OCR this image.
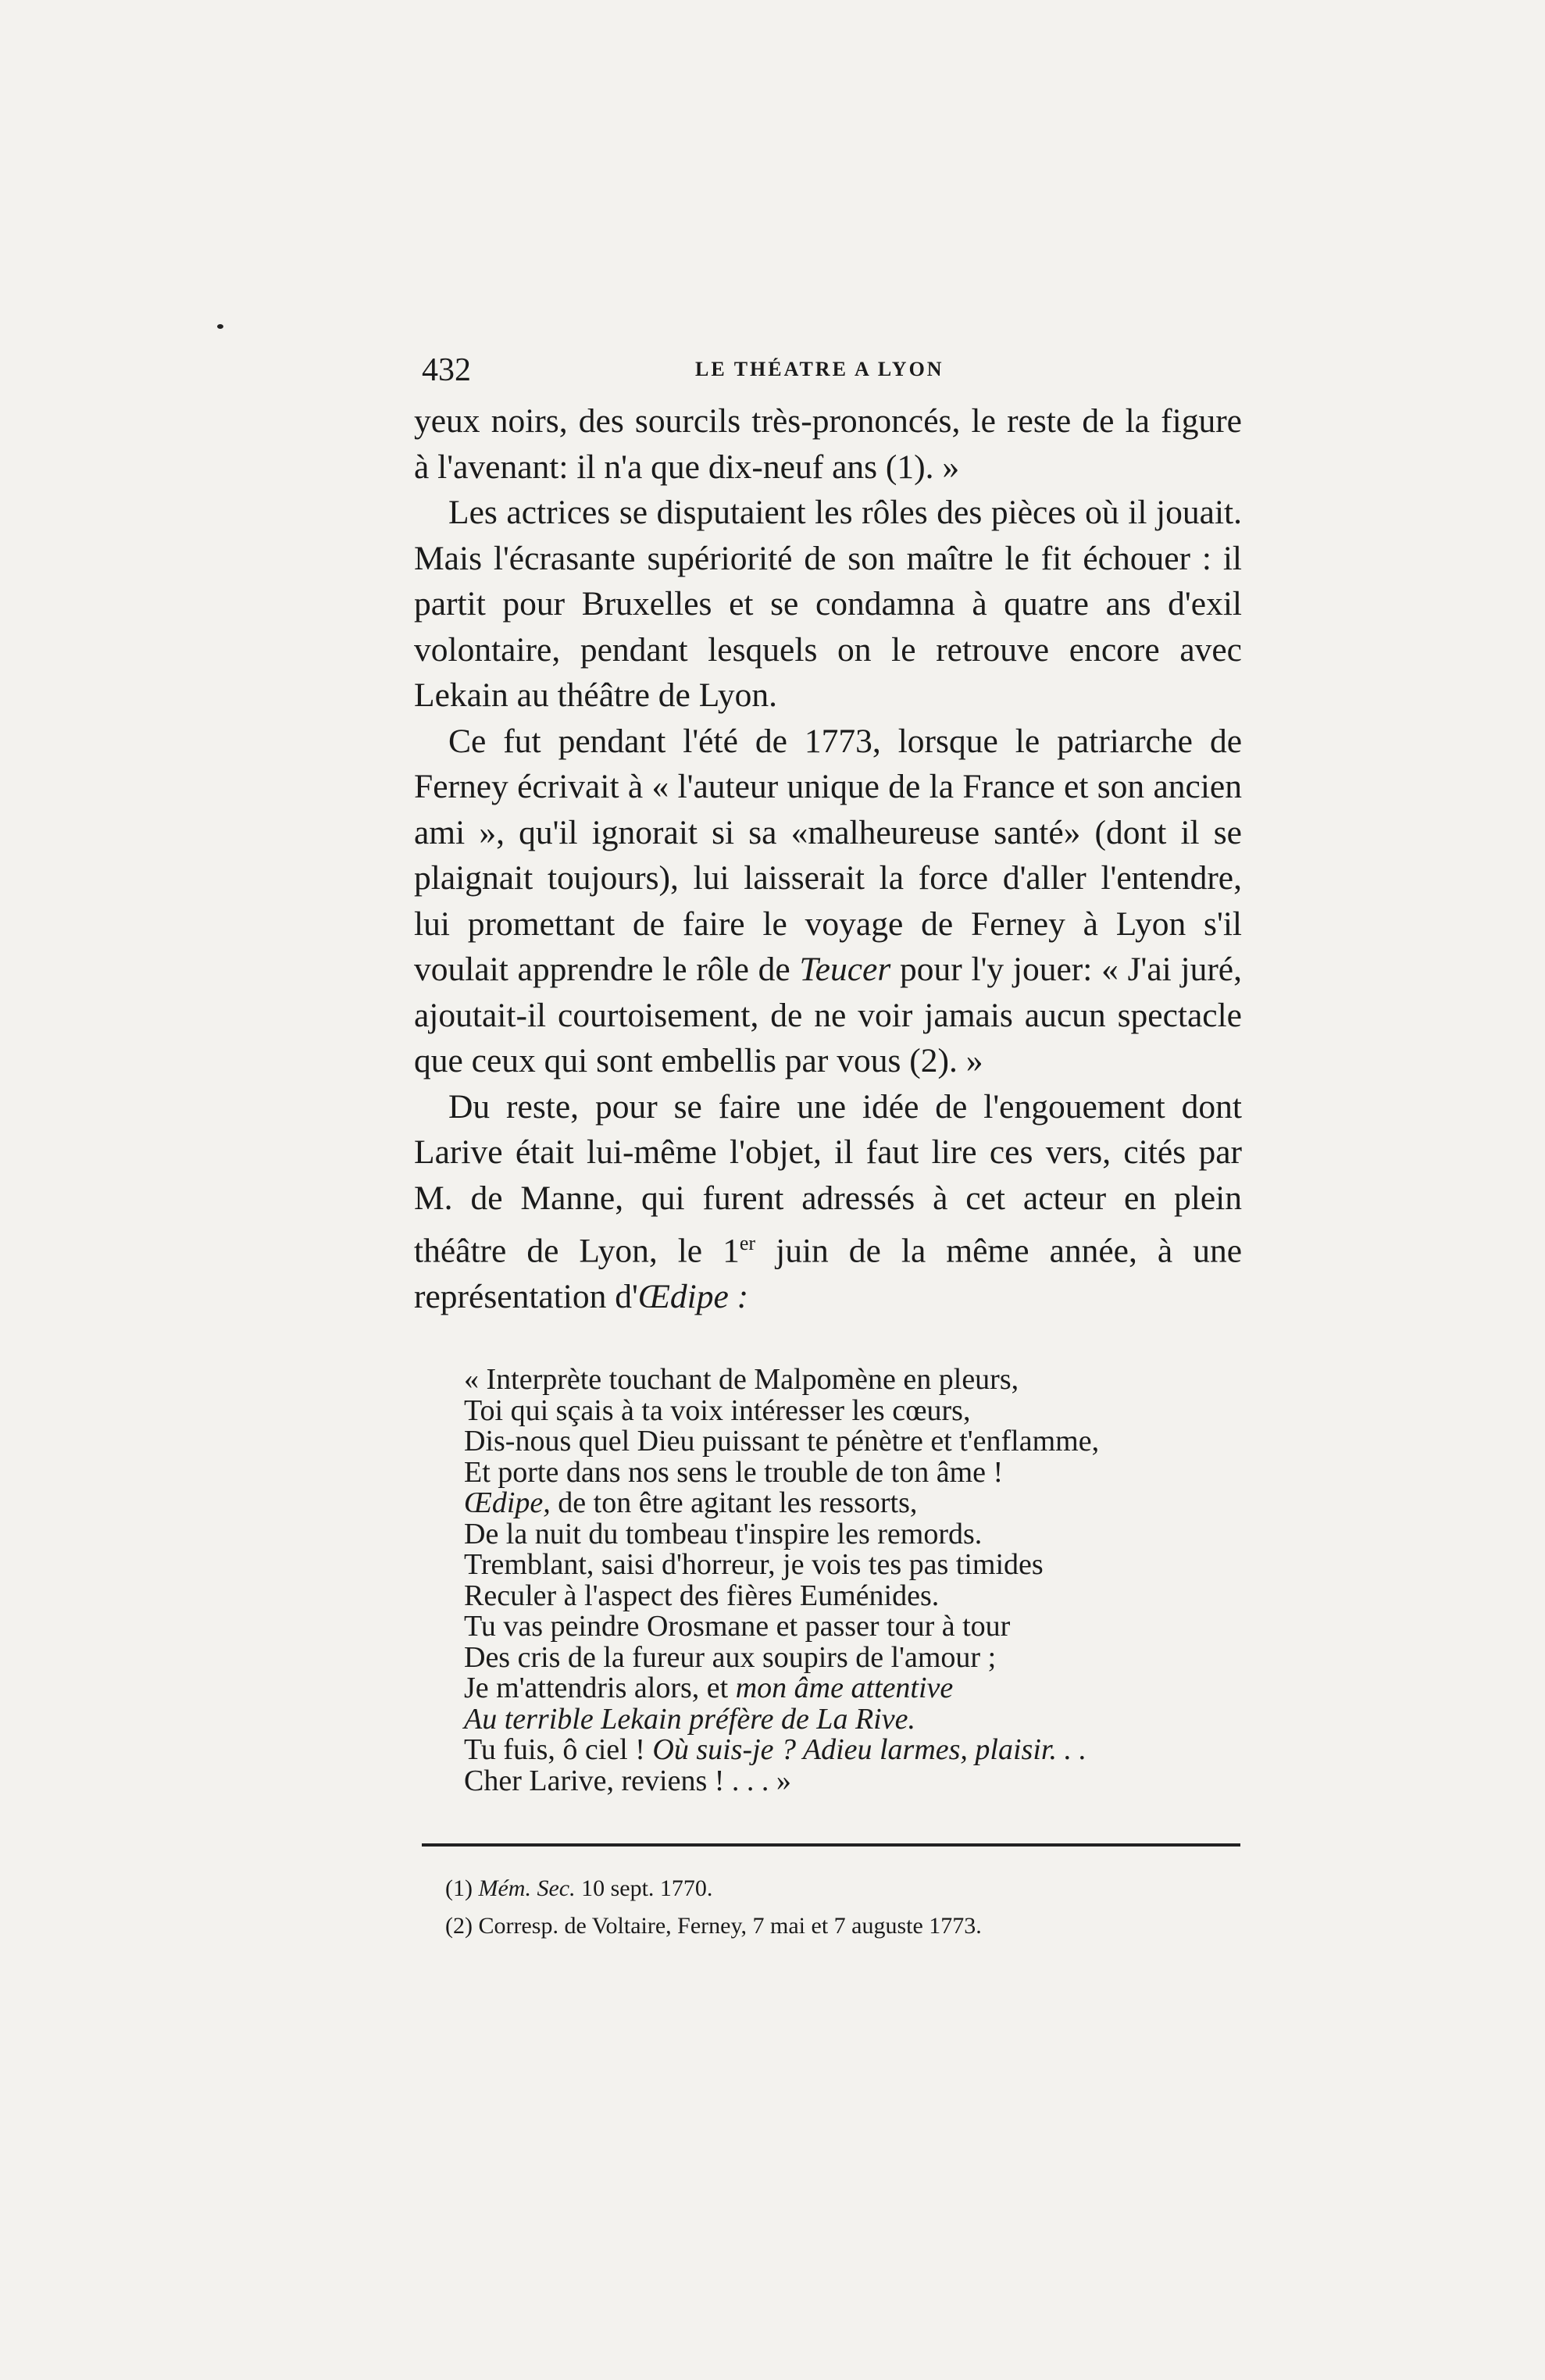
432	LE THÉATRE A LYON

yeux noirs, des sourcils très-prononcés, le reste de la figure à l'avenant: il n'a que dix-neuf ans (1). »

Les actrices se disputaient les rôles des pièces où il jouait. Mais l'écrasante supériorité de son maître le fit échouer : il partit pour Bruxelles et se condamna à quatre ans d'exil volontaire, pendant lesquels on le retrouve encore avec Lekain au théâtre de Lyon.

Ce fut pendant l'été de 1773, lorsque le patriarche de Ferney écrivait à « l'auteur unique de la France et son ancien ami », qu'il ignorait si sa «malheureuse santé» (dont il se plaignait toujours), lui laisserait la force d'aller l'entendre, lui promettant de faire le voyage de Ferney à Lyon s'il voulait apprendre le rôle de Teucer pour l'y jouer: « J'ai juré, ajoutait-il courtoisement, de ne voir jamais aucun spectacle que ceux qui sont embellis par vous (2). »

Du reste, pour se faire une idée de l'engouement dont Larive était lui-même l'objet, il faut lire ces vers, cités par M. de Manne, qui furent adressés à cet acteur en plein théâtre de Lyon, le 1er juin de la même année, à une représentation d'Œdipe :

« Interprète touchant de Malpomène en pleurs,
Toi qui sçais à ta voix intéresser les cœurs,
Dis-nous quel Dieu puissant te pénètre et t'enflamme,
Et porte dans nos sens le trouble de ton âme !
Œdipe, de ton être agitant les ressorts,
De la nuit du tombeau t'inspire les remords.
Tremblant, saisi d'horreur, je vois tes pas timides
Reculer à l'aspect des fières Euménides.
Tu vas peindre Orosmane et passer tour à tour
Des cris de la fureur aux soupirs de l'amour ;
Je m'attendris alors, et mon âme attentive
Au terrible Lekain préfère de La Rive.
Tu fuis, ô ciel ! Où suis-je ? Adieu larmes, plaisir. . .
Cher Larive, reviens ! . . . »
(1) Mém. Sec. 10 sept. 1770.
(2) Corresp. de Voltaire, Ferney, 7 mai et 7 auguste 1773.
